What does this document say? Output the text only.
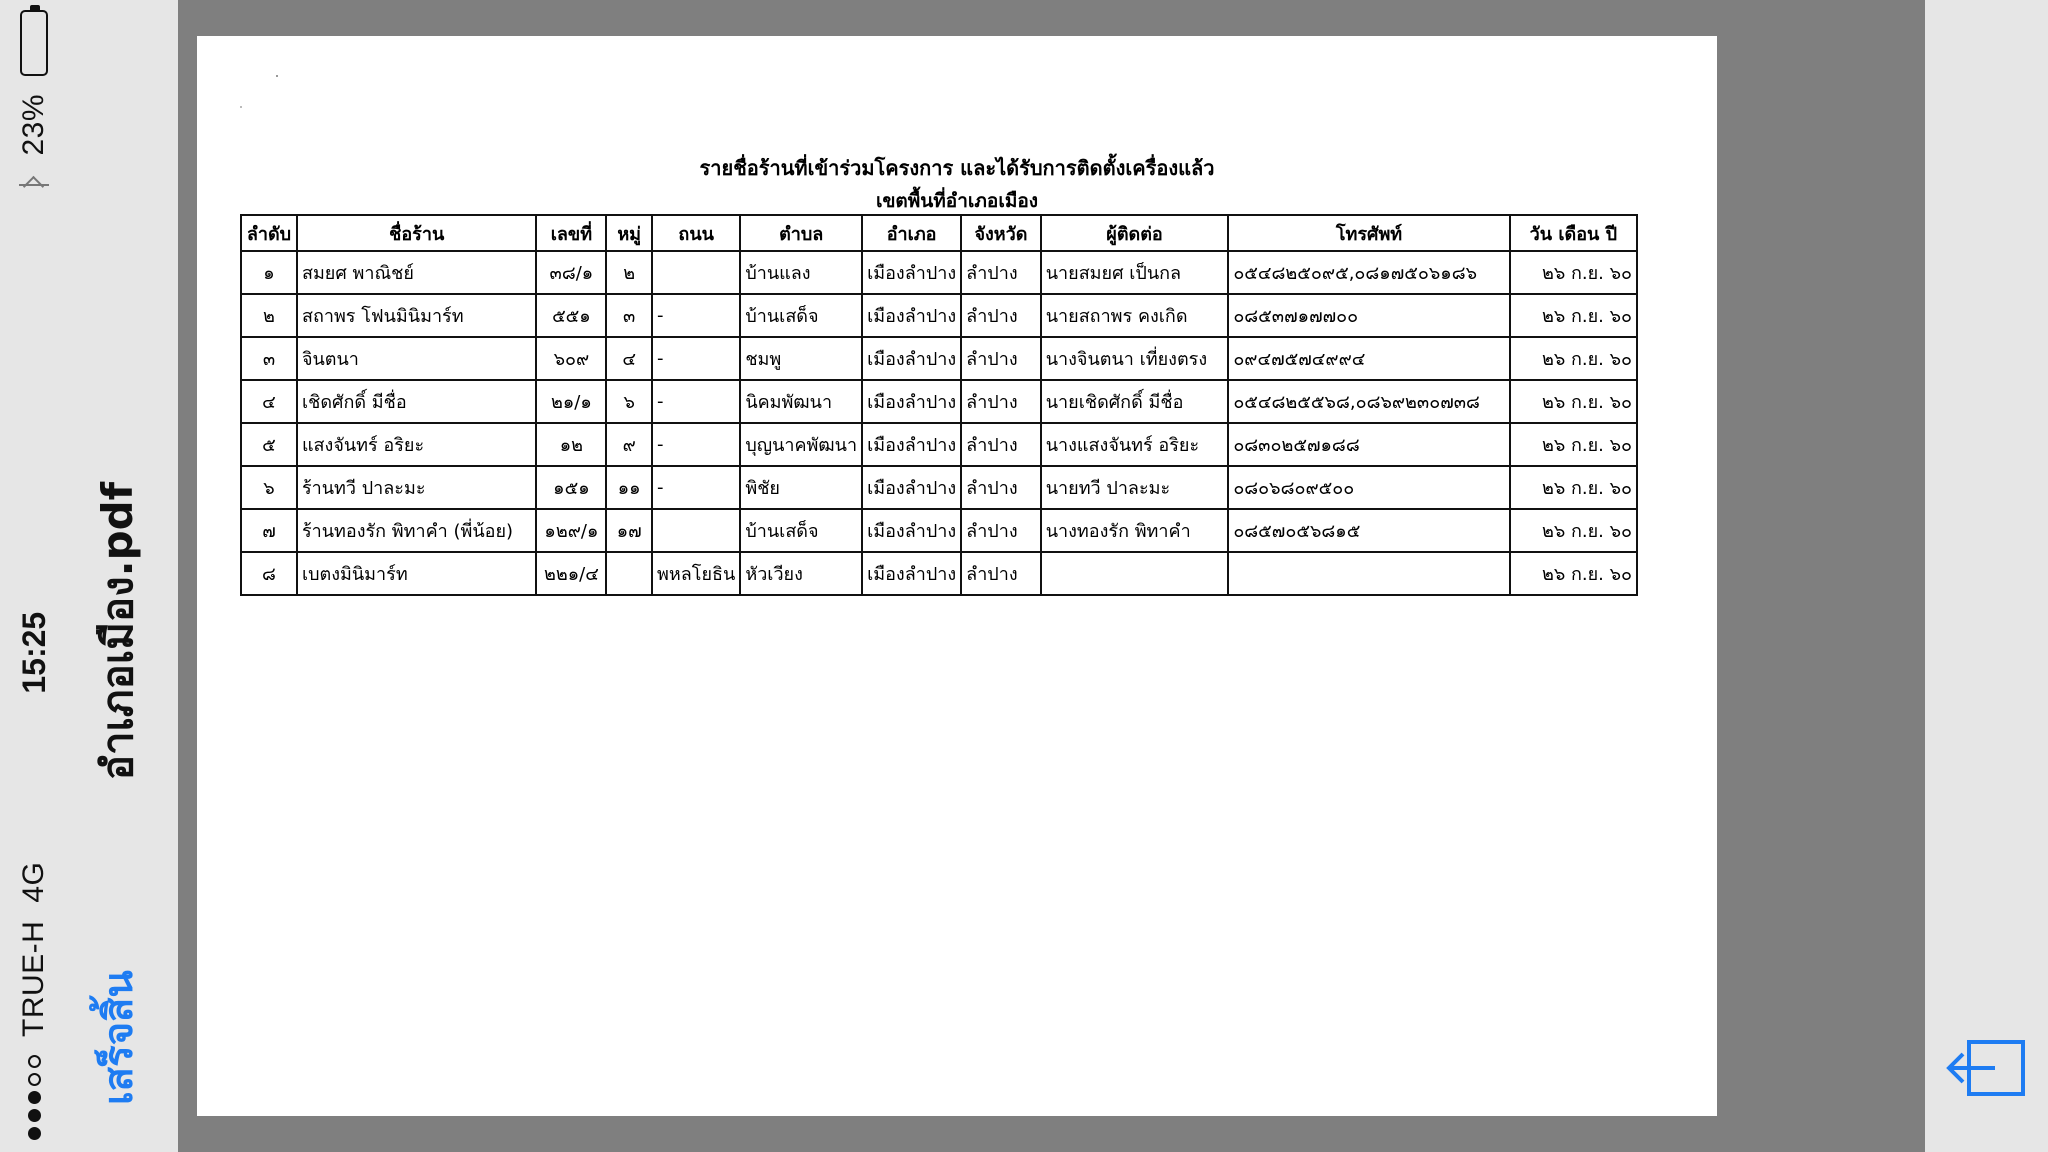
TRUE-H
4G
15:25
23%
เสร็จสิ้น
อำเภอเมือง.pdf
รายชื่อร้านที่เข้าร่วมโครงการ และได้รับการติดตั้งเครื่องแล้ว
เขตพื้นที่อำเภอเมือง
ลำดับ	ชื่อร้าน	เลขที่	หมู่	ถนน	ตำบล	อำเภอ	จังหวัด	ผู้ติดต่อ	โทรศัพท์	วัน เดือน ปี
๑	สมยศ พาณิชย์	๓๘/๑	๒		บ้านแลง	เมืองลำปาง	ลำปาง	นายสมยศ เป็นกล	๐๕๔๘๒๕๐๙๕,๐๘๑๗๕๐๖๑๘๖	๒๖ ก.ย. ๖๐
๒	สถาพร โฟนมินิมาร์ท	๕๕๑	๓	-	บ้านเสด็จ	เมืองลำปาง	ลำปาง	นายสถาพร คงเกิด	๐๘๕๓๗๑๗๗๐๐	๒๖ ก.ย. ๖๐
๓	จินตนา	๖๐๙	๔	-	ชมพู	เมืองลำปาง	ลำปาง	นางจินตนา เที่ยงตรง	๐๙๔๗๕๗๔๙๙๔	๒๖ ก.ย. ๖๐
๔	เชิดศักดิ์ มีชื่อ	๒๑/๑	๖	-	นิคมพัฒนา	เมืองลำปาง	ลำปาง	นายเชิดศักดิ์ มีชื่อ	๐๕๔๘๒๕๕๖๘,๐๘๖๙๒๓๐๗๓๘	๒๖ ก.ย. ๖๐
๕	แสงจันทร์ อริยะ	๑๒	๙	-	บุญนาคพัฒนา	เมืองลำปาง	ลำปาง	นางแสงจันทร์ อริยะ	๐๘๓๐๒๕๗๑๘๘	๒๖ ก.ย. ๖๐
๖	ร้านทวี ปาละมะ	๑๕๑	๑๑	-	พิชัย	เมืองลำปาง	ลำปาง	นายทวี ปาละมะ	๐๘๐๖๘๐๙๕๐๐	๒๖ ก.ย. ๖๐
๗	ร้านทองรัก พิทาคำ (พี่น้อย)	๑๒๙/๑	๑๗		บ้านเสด็จ	เมืองลำปาง	ลำปาง	นางทองรัก พิทาคำ	๐๘๕๗๐๕๖๘๑๕	๒๖ ก.ย. ๖๐
๘	เบตงมินิมาร์ท	๒๒๑/๔		พหลโยธิน	หัวเวียง	เมืองลำปาง	ลำปาง			๒๖ ก.ย. ๖๐
